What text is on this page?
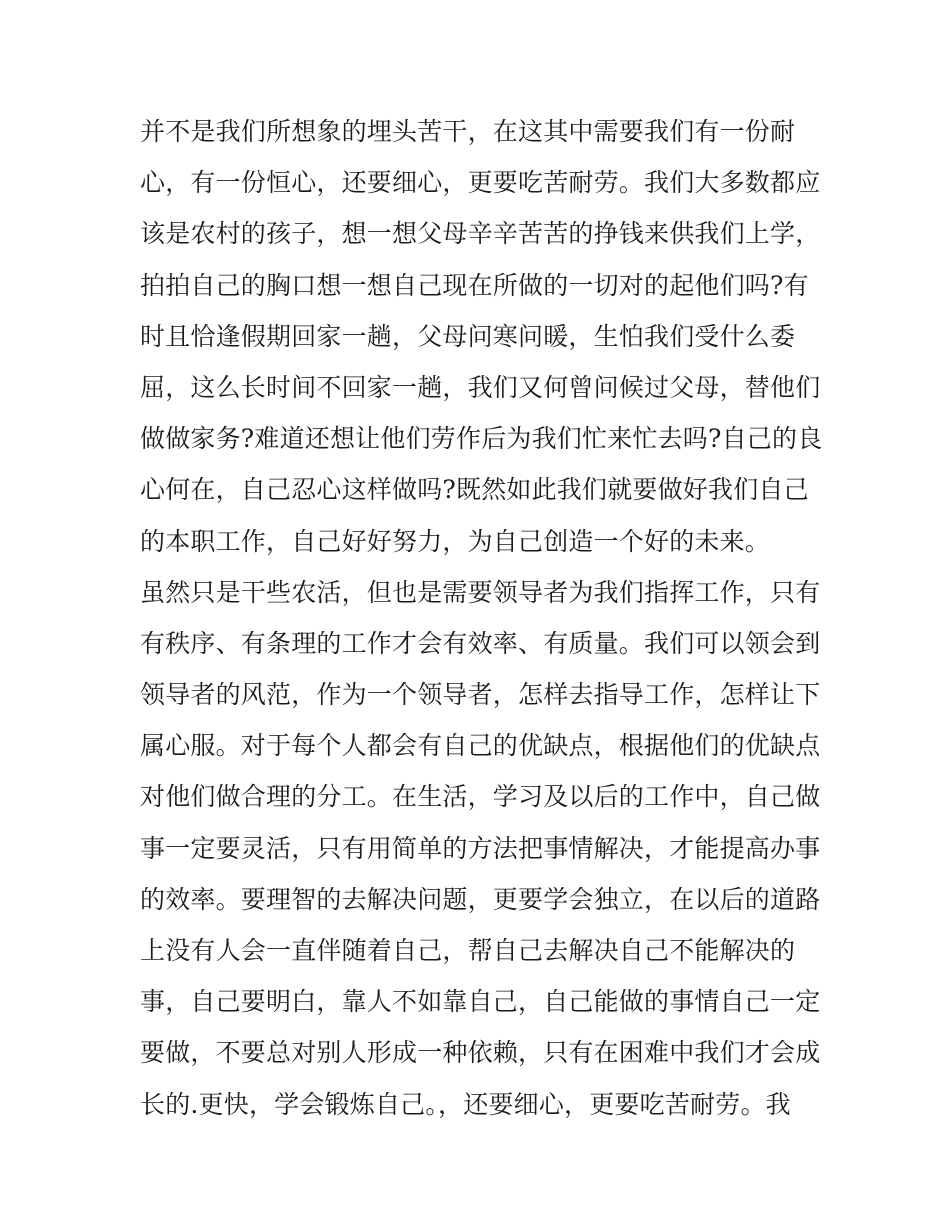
并不是我们所想象的埋头苦干，在这其中需要我们有一份耐
心，有一份恒心，还要细心，更要吃苦耐劳。我们大多数都应
该是农村的孩子，想一想父母辛辛苦苦的挣钱来供我们上学，
拍拍自己的胸口想一想自己现在所做的一切对的起他们吗?有
时且恰逢假期回家一趟，父母问寒问暖，生怕我们受什么委
屈，这么长时间不回家一趟，我们又何曾问候过父母，替他们
做做家务?难道还想让他们劳作后为我们忙来忙去吗?自己的良
心何在，自己忍心这样做吗?既然如此我们就要做好我们自己
的本职工作，自己好好努力，为自己创造一个好的未来。
虽然只是干些农活，但也是需要领导者为我们指挥工作，只有
有秩序、有条理的工作才会有效率、有质量。我们可以领会到
领导者的风范，作为一个领导者，怎样去指导工作，怎样让下
属心服。对于每个人都会有自己的优缺点，根据他们的优缺点
对他们做合理的分工。在生活，学习及以后的工作中，自己做
事一定要灵活，只有用简单的方法把事情解决，才能提高办事
的效率。要理智的去解决问题，更要学会独立，在以后的道路
上没有人会一直伴随着自己，帮自己去解决自己不能解决的
事，自己要明白，靠人不如靠自己，自己能做的事情自己一定
要做，不要总对别人形成一种依赖，只有在困难中我们才会成
长的.更快，学会锻炼自己。，还要细心，更要吃苦耐劳。我
